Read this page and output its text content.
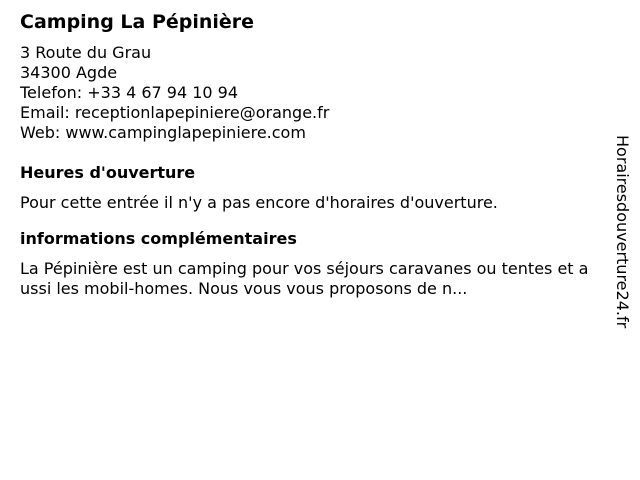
Camping La Pépinière

3 Route du Grau

34300 Agde

Telefon: +33 4 67 94 10 94

Email: receptionlapepiniere@orange.fr

Web: www.campinglapepiniere.com

Heures d'ouverture

Pour cette entrée il n'y a pas encore d'horaires d'ouverture.

informations complémentaires

La Pépinière est un camping pour vos séjours caravanes ou tentes et aussi les mobil-homes. Nous vous vous proposons de n...	Horairesdouverture24.fr
